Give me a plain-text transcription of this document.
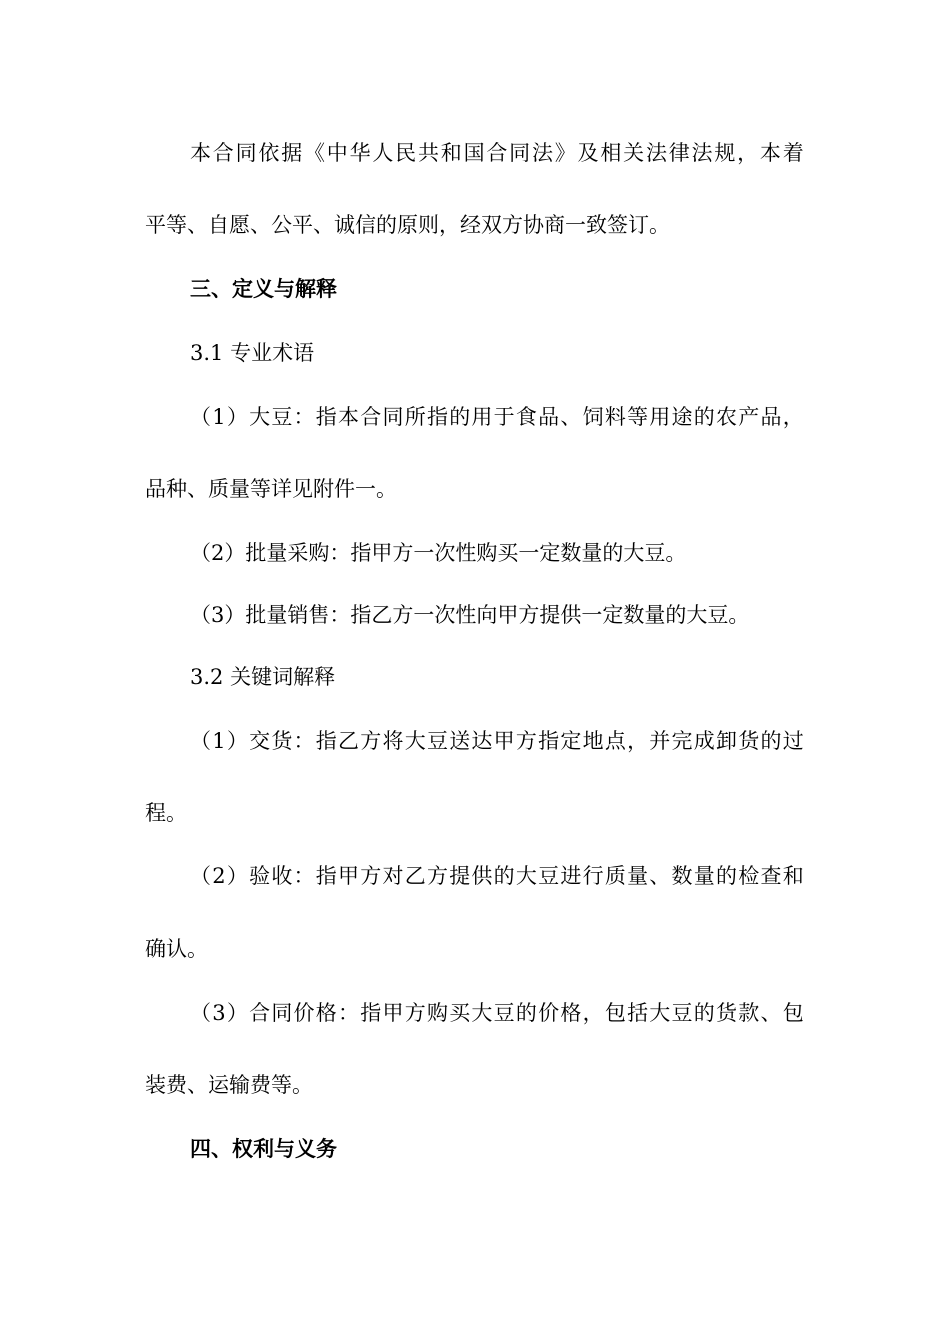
本 合 同 依 据 《 中 华 人 民 共 和 国 合 同 法 》 及 相 关 法 律 法 规 ， 本 着

平等、自愿、公平、诚信的原则，经双方协商一致签订。

三、定义与解释

3.1 专业术语

（ 1 ） 大 豆 ： 指 本 合 同 所 指 的 用 于 食 品 、 饲 料 等 用 途 的 农 产 品 ，

品种、质量等详见附件一。

（2）批量采购：指甲方一次性购买一定数量的大豆。

（3）批量销售：指乙方一次性向甲方提供一定数量的大豆。

3.2 关键词解释

（ 1 ） 交 货 ： 指 乙 方 将 大 豆 送 达 甲 方 指 定 地 点 ， 并 完 成 卸 货 的 过

程。

（ 2 ） 验 收 ： 指 甲 方 对 乙 方 提 供 的 大 豆 进 行 质 量 、 数 量 的 检 查 和

确认。

（ 3 ） 合 同 价 格 ： 指 甲 方 购 买 大 豆 的 价 格 ， 包 括 大 豆 的 货 款 、 包

装费、运输费等。

四、权利与义务
